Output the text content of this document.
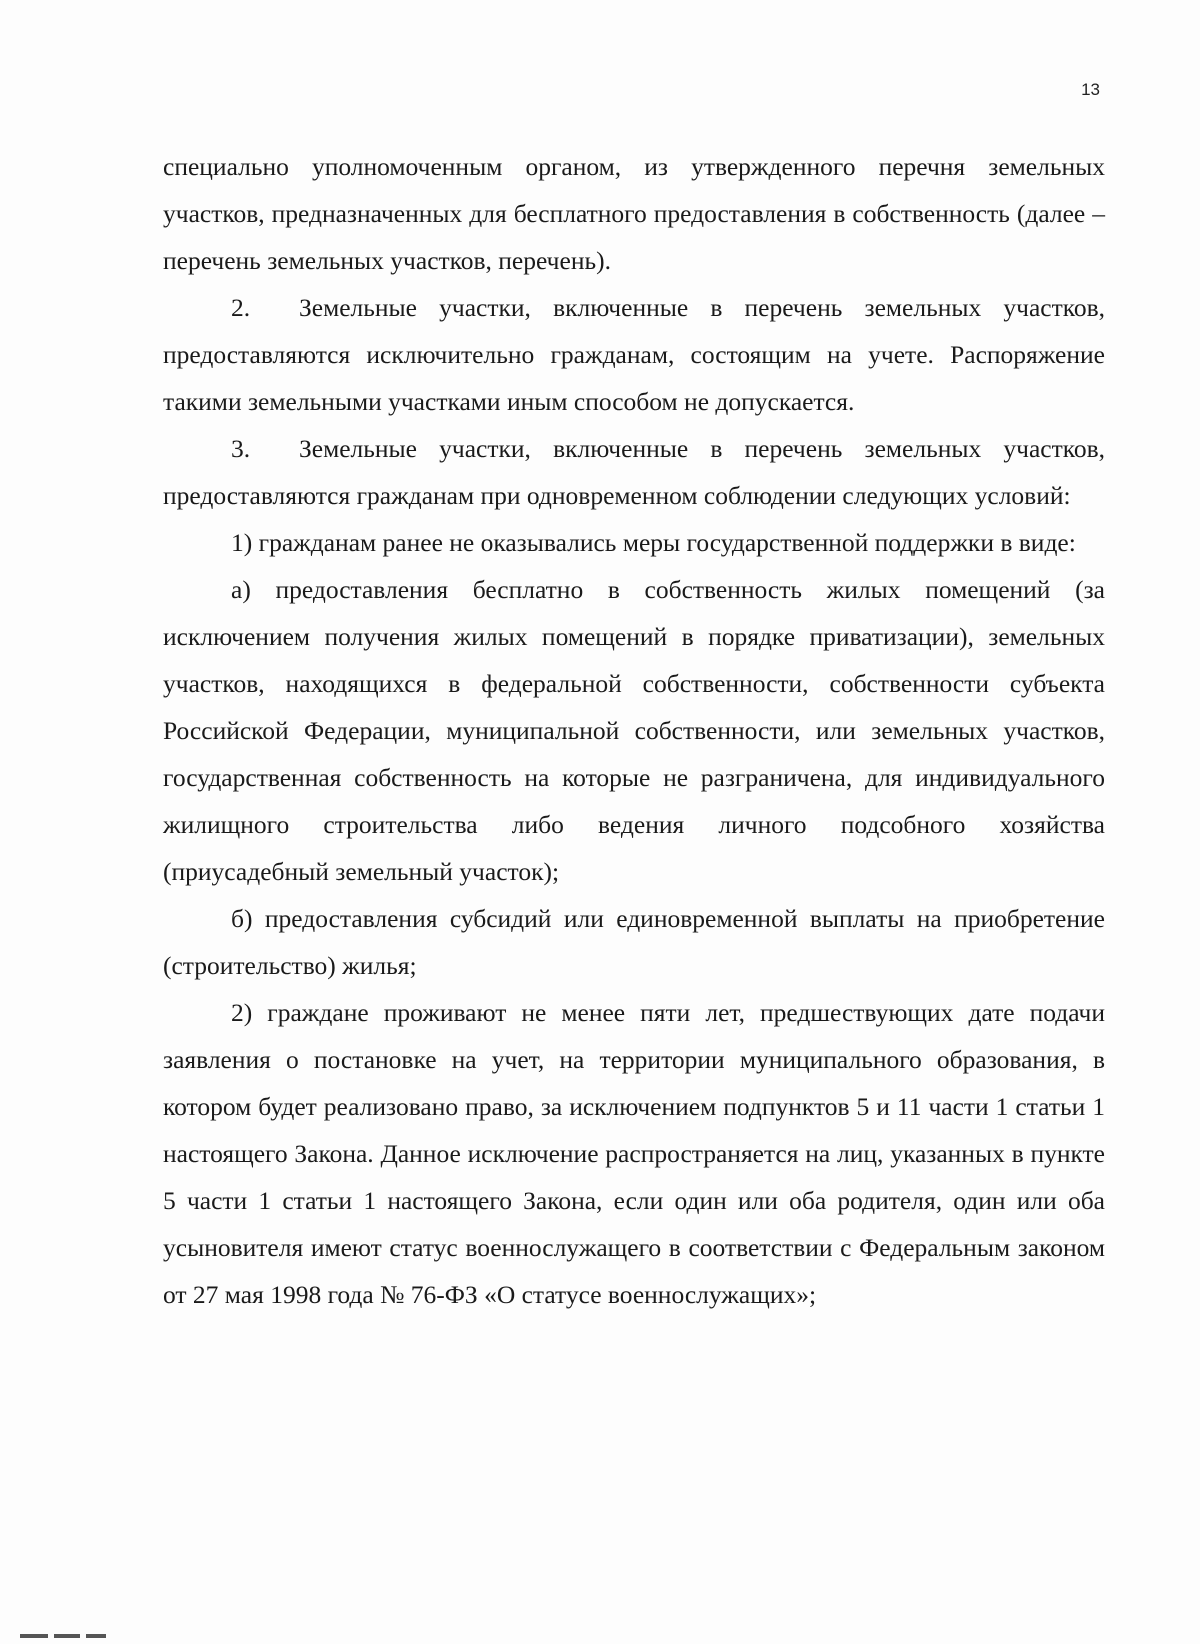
13

специально уполномоченным органом, из утвержденного перечня земельных участков, предназначенных для бесплатного предоставления в собственность (далее – перечень земельных участков, перечень).

2. Земельные участки, включенные в перечень земельных участков, предоставляются исключительно гражданам, состоящим на учете. Распоряжение такими земельными участками иным способом не допускается.

3. Земельные участки, включенные в перечень земельных участков, предоставляются гражданам при одновременном соблюдении следующих условий:

1) гражданам ранее не оказывались меры государственной поддержки в виде:

а) предоставления бесплатно в собственность жилых помещений (за исключением получения жилых помещений в порядке приватизации), земельных участков, находящихся в федеральной собственности, собственности субъекта Российской Федерации, муниципальной собственности, или земельных участков, государственная собственность на которые не разграничена, для индивидуального жилищного строительства либо ведения личного подсобного хозяйства (приусадебный земельный участок);

б) предоставления субсидий или единовременной выплаты на приобретение (строительство) жилья;

2) граждане проживают не менее пяти лет, предшествующих дате подачи заявления о постановке на учет, на территории муниципального образования, в котором будет реализовано право, за исключением подпунктов 5 и 11 части 1 статьи 1 настоящего Закона. Данное исключение распространяется на лиц, указанных в пункте 5 части 1 статьи 1 настоящего Закона, если один или оба родителя, один или оба усыновителя имеют статус военнослужащего в соответствии с Федеральным законом от 27 мая 1998 года № 76-ФЗ «О статусе военнослужащих»;
